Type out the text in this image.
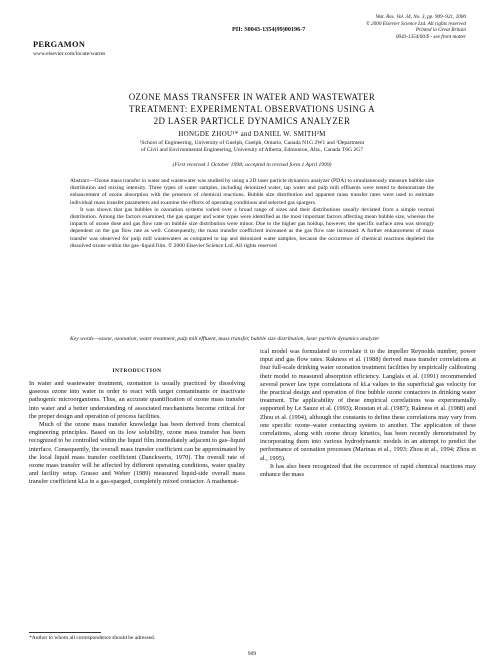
Wat. Res. Vol. 34, No. 3, pp. 909–921, 2000
© 2000 Elsevier Science Ltd. All rights reserved
Printed in Great Britain
0043-1354/00/$ - see front matter
PII: S0043-1354(99)00196-7
PERGAMON
www.elsevier.com/locate/watres
OZONE MASS TRANSFER IN WATER AND WASTEWATER
TREATMENT: EXPERIMENTAL OBSERVATIONS USING A
2D LASER PARTICLE DYNAMICS ANALYZER
HONGDE ZHOU¹* and DANIEL W. SMITH²M
¹School of Engineering, University of Guelph, Guelph, Ontario, Canada N1G 2W1 and ²Department
of Civil and Environmental Engineering, University of Alberta, Edmonton, Alta., Canada T6G 2G7
(First received 1 October 1998; accepted in revised form 1 April 1999)

Abstract—Ozone mass transfer in water and wastewater was studied by using a 2D laser particle dynamics analyzer (PDA) to simultaneously measure bubble size distribution and mixing intensity. Three types of water samples, including deionized water, tap water and pulp mill effluents were tested to demonstrate the enhancement of ozone absorption with the presence of chemical reactions. Bubble size distribution and apparent mass transfer rates were used to estimate individual mass transfer parameters and examine the effects of operating conditions and selected gas spargers.

It was shown that gas bubbles in ozonation systems varied over a broad range of sizes and their distributions usually deviated from a simple normal distribution. Among the factors examined, the gas sparger and water types were identified as the most important factors affecting mean bubble size, whereas the impacts of ozone dose and gas flow rate on bubble size distribution were minor. Due to the higher gas holdup, however, the specific surface area was strongly dependent on the gas flow rate as well. Consequently, the mass transfer coefficient increased as the gas flow rate increased. A further enhancement of mass transfer was observed for pulp mill wastewaters as compared to tap and deionized water samples, because the occurrence of chemical reactions depleted the dissolved ozone within the gas–liquid film. © 2000 Elsevier Science Ltd. All rights reserved

Key words—ozone, ozonation, water treatment, pulp mill effluent, mass transfer, bubble size distribution, laser particle dynamics analyzer
INTRODUCTION

In water and wastewater treatment, ozonation is usually practiced by dissolving gaseous ozone into water in order to react with target contaminants or inactivate pathogenic microorganisms. Thus, an accurate quantification of ozone mass transfer into water and a better understanding of associated mechanisms become critical for the proper design and operation of process facilities.

Much of the ozone mass transfer knowledge has been derived from chemical engineering principles. Based on its low solubility, ozone mass transfer has been recognized to be controlled within the liquid film immediately adjacent to gas–liquid interface. Consequently, the overall mass transfer coefficient can be approximated by the local liquid mass transfer coefficient (Danckwerts, 1970). The overall rate of ozone mass transfer will be affected by different operating conditions, water quality and facility setup. Grasso and Weber (1989) measured liquid-side overall mass transfer coefficient kLa in a gas-sparged, completely mixed contactor. A mathemat-

ical model was formulated to correlate it to the impeller Reynolds number, power input and gas flow rates. Rakness et al. (1988) derived mass transfer correlations at four full-scale drinking water ozonation treatment facilities by empirically calibrating their model to measured absorption efficiency. Langlais et al. (1991) recommended several power law type correlations of kLa values to the superficial gas velocity for the practical design and operation of fine bubble ozone contactors in drinking water treatment. The applicability of these empirical correlations was experimentally supported by Le Sauze et al. (1993); Roustan et al. (1987); Rakness et al. (1988) and Zhou et al. (1994), although the constants to define these correlations may vary from one specific ozone–water contacting system to another. The application of these correlations, along with ozone decay kinetics, has been recently demonstrated by incorporating them into various hydrodynamic models in an attempt to predict the performance of ozonation processes (Marinas et al., 1993; Zhou et al., 1994; Zhou et al., 1995).

It has also been recognized that the occurrence of rapid chemical reactions may enhance the mass

*Author to whom all correspondence should be adressed.
909
